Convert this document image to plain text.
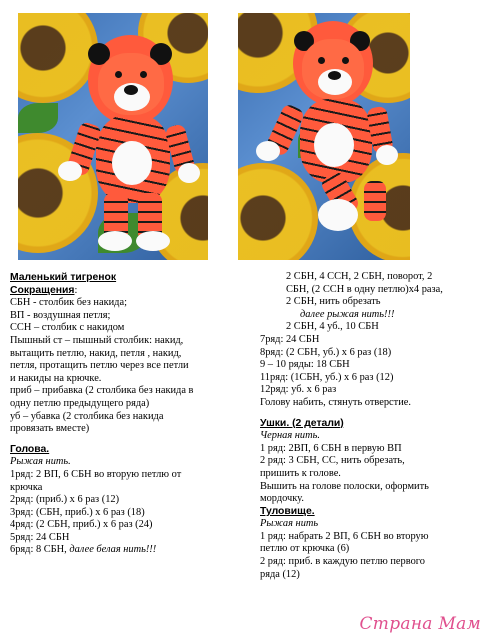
Маленький тигренок
Сокращения:
СБН - столбик без накида;
ВП - воздушная петля;
ССН – столбик с накидом
Пышный ст – пышный столбик: накид,
вытащить петлю, накид, петля , накид,
петля, протащить петлю через все петли
и накиды на крючке.
приб – прибавка (2 столбика без накида в
одну петлю предыдущего ряда)
уб – убавка (2 столбика без накида
провязать вместе)
Голова.
Рыжая нить.
1ряд: 2 ВП, 6 СБН во вторую петлю от
крючка
2ряд: (приб.) х 6 раз (12)
3ряд: (СБН, приб.) х 6 раз (18)
4ряд: (2 СБН, приб.) х 6 раз (24)
5ряд: 24 СБН
6ряд: 8 СБН, далее белая нить!!!
2 СБН, 4 ССН, 2 СБН, поворот, 2
СБН, (2 ССН в одну петлю)х4 раза,
2 СБН, нить обрезать
далее рыжая нить!!!
2 СБН, 4 уб., 10 СБН
7ряд: 24 СБН
8ряд: (2 СБН, уб.) х 6 раз (18)
9 – 10 ряды: 18 СБН
11ряд: (1СБН, уб.) х 6 раз (12)
12ряд: уб. х 6 раз
Голову набить, стянуть отверстие.
Ушки. (2 детали)
Черная нить.
1 ряд: 2ВП, 6 СБН в первую ВП
2 ряд: 3 СБН, СС, нить обрезать,
пришить к голове.
Вышить на голове полоски, оформить
мордочку.
Туловище.
Рыжая нить
1 ряд: набрать 2 ВП, 6 СБН во вторую
петлю от крючка (6)
2 ряд: приб. в каждую петлю первого
ряда (12)
Страна Мам
